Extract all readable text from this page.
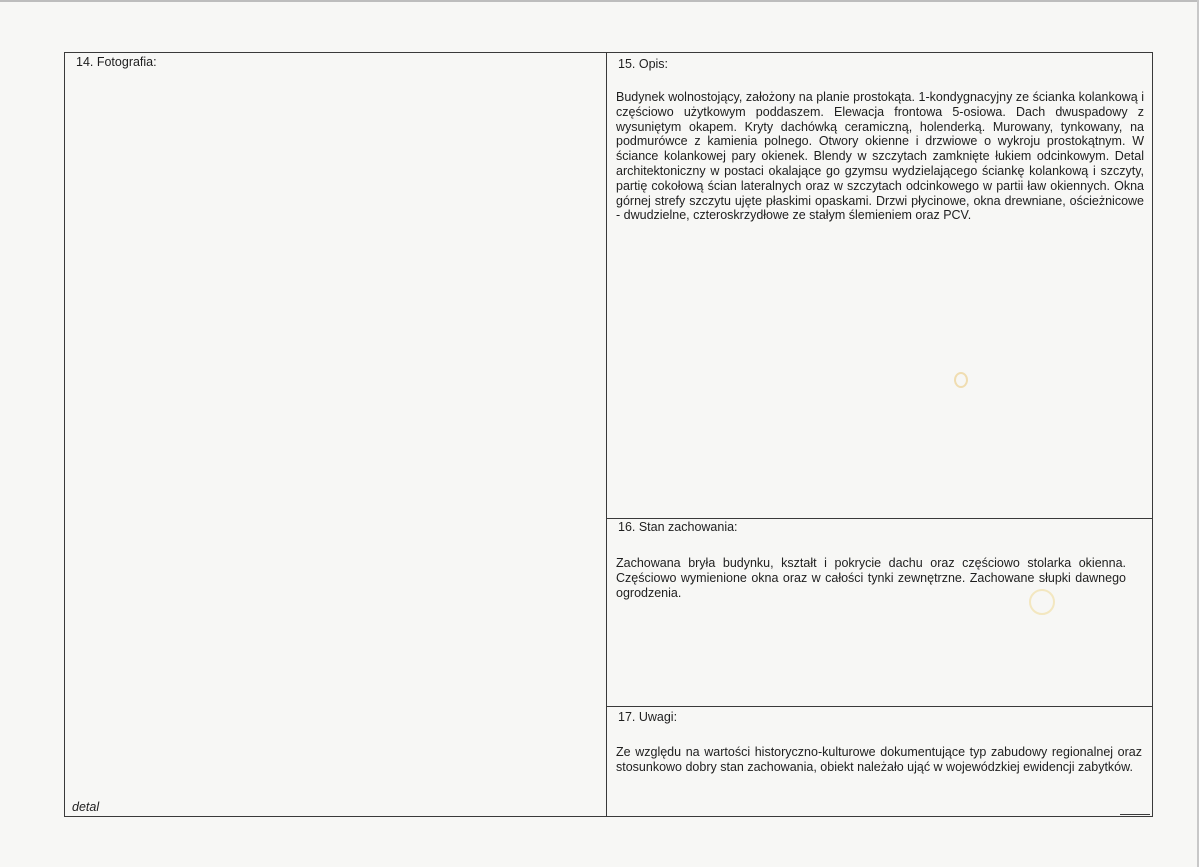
14. Fotografia:
detal
15. Opis:
Budynek wolnostojący, założony na planie prostokąta. 1-kondygnacyjny ze ścianka kolankową i częściowo użytkowym poddaszem. Elewacja frontowa 5-osiowa. Dach dwuspadowy z wysuniętym okapem. Kryty dachówką ceramiczną, holenderką. Murowany, tynkowany, na podmurówce z kamienia polnego. Otwory okienne i drzwiowe o wykroju prostokątnym. W ściance kolankowej pary okienek. Blendy w szczytach zamknięte łukiem odcinkowym. Detal architektoniczny w postaci okalające go gzymsu wydzielającego ściankę kolankową i szczyty, partię cokołową ścian lateralnych oraz w szczytach odcinkowego w partii ław okiennych. Okna górnej strefy szczytu ujęte płaskimi opaskami. Drzwi płycinowe, okna drewniane, ościeżnicowe - dwudzielne, czteroskrzydłowe ze stałym ślemieniem oraz PCV.
16. Stan zachowania:
Zachowana bryła budynku, kształt i pokrycie dachu oraz częściowo stolarka okienna. Częściowo wymienione okna oraz w całości tynki zewnętrzne. Zachowane słupki dawnego ogrodzenia.
17. Uwagi:
Ze względu na wartości historyczno-kulturowe dokumentujące typ zabudowy regionalnej oraz stosunkowo dobry stan zachowania, obiekt należało ująć w wojewódzkiej ewidencji zabytków.
